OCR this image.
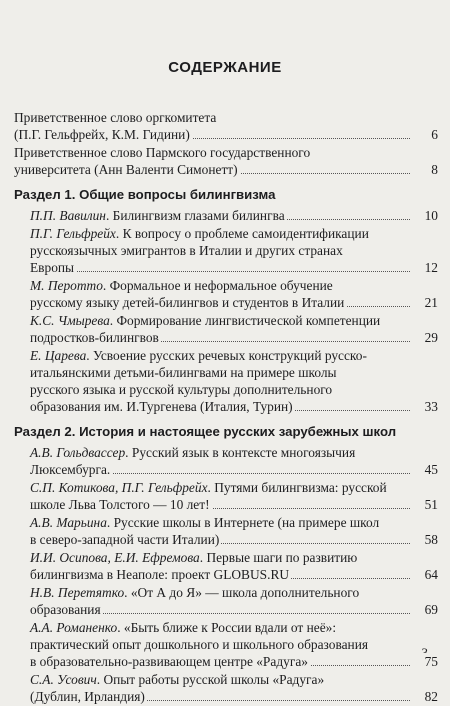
СОДЕРЖАНИЕ
Приветственное слово оргкомитета
(П.Г. Гельфрейх, К.М. Гидини)	6
Приветственное слово Пармского государственного
университета (Анн Валенти Симонетт)	8
Раздел 1. Общие вопросы билингвизма
П.П. Вавилин. Билингвизм глазами билингва	10
П.Г. Гельфрейх. К вопросу о проблеме самоидентификации
русскоязычных эмигрантов в Италии и других странах
Европы	12
М. Перотто. Формальное и неформальное обучение
русскому языку детей-билингвов и студентов в Италии	21
К.С. Чмырева. Формирование лингвистической компетенции
подростков-билингвов	29
Е. Царева. Усвоение русских речевых конструкций русско-
итальянскими детьми-билингвами на примере школы
русского языка и русской культуры дополнительного
образования им. И.Тургенева (Италия, Турин)	33
Раздел 2. История и настоящее русских зарубежных школ
А.В. Гольдвассер. Русский язык в контексте многоязычия
Люксембурга.	45
С.П. Котикова, П.Г. Гельфрейх. Путями билингвизма: русской
школе Льва Толстого — 10 лет!	51
А.В. Марьина. Русские школы в Интернете (на примере школ
в северо-западной части Италии)	58
И.И. Осипова, Е.И. Ефремова. Первые шаги по развитию
билингвизма в Неаполе: проект GLOBUS.RU	64
Н.В. Перетятко. «От А до Я» — школа дополнительного
образования	69
А.А. Романенко. «Быть ближе к России вдали от неё»:
практический опыт дошкольного и школьного образования
в образовательно-развивающем центре «Радуга»	75
С.А. Усович. Опыт работы русской школы «Радуга»
(Дублин, Ирландия)	82
